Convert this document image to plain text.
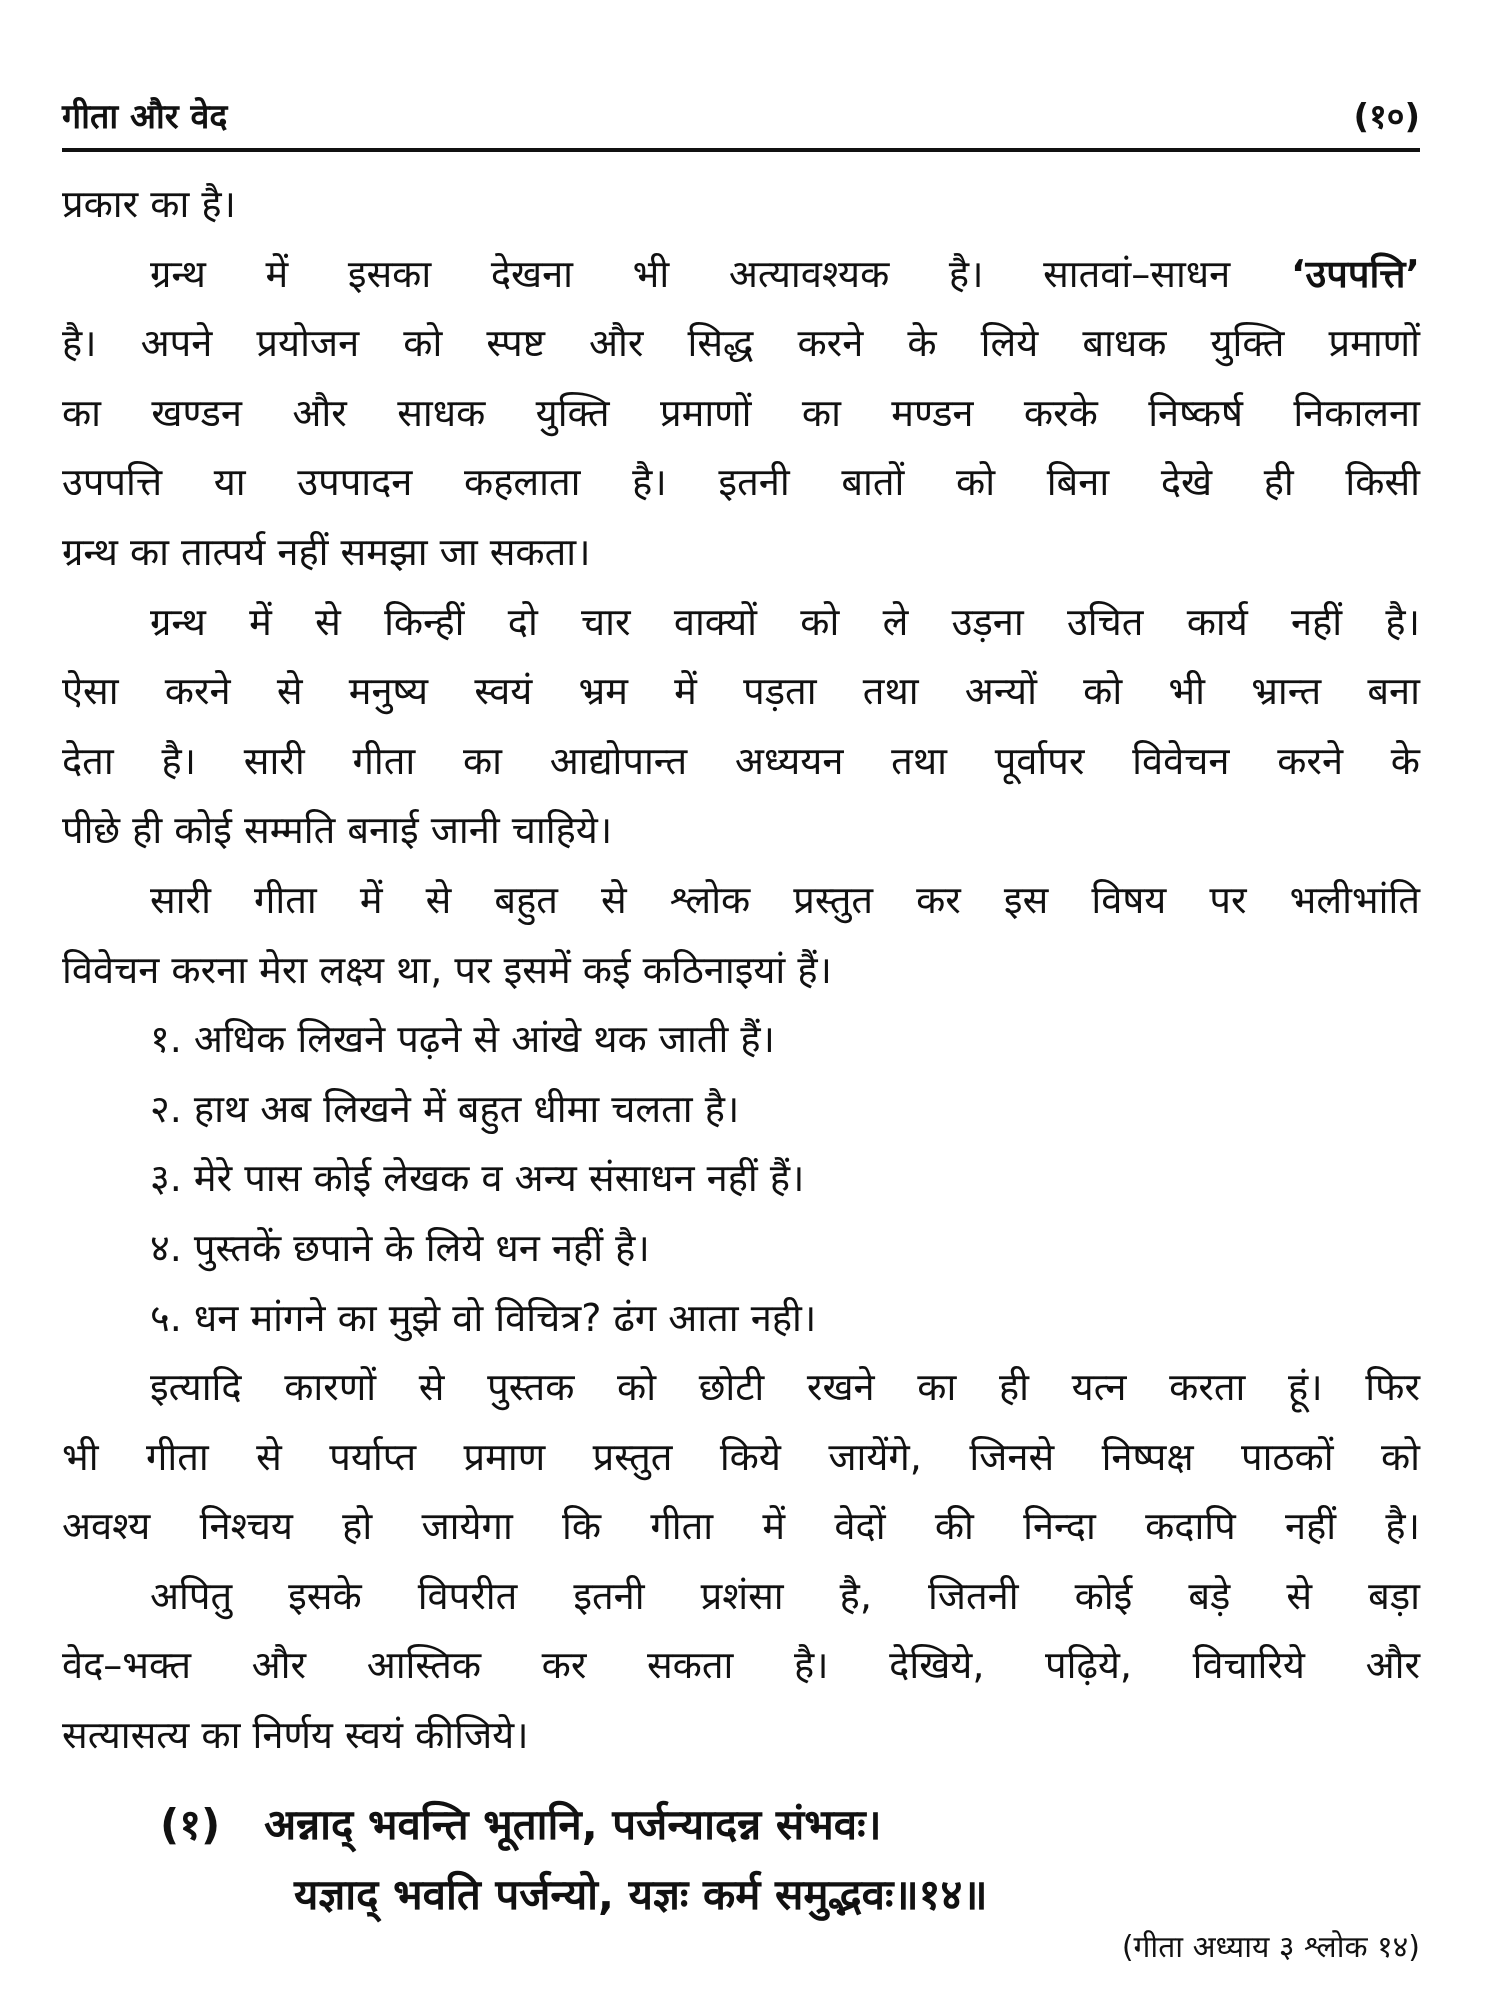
गीता और वेद	(१०)
प्रकार का है।
ग्रन्थ में इसका देखना भी अत्यावश्यक है। सातवां–साधन ‘उपपत्ति’
है। अपने प्रयोजन को स्पष्ट और सिद्ध करने के लिये बाधक युक्ति प्रमाणों
का खण्डन और साधक युक्ति प्रमाणों का मण्डन करके निष्कर्ष निकालना
उपपत्ति या उपपादन कहलाता है। इतनी बातों को बिना देखे ही किसी
ग्रन्थ का तात्पर्य नहीं समझा जा सकता।
ग्रन्थ में से किन्हीं दो चार वाक्यों को ले उड़ना उचित कार्य नहीं है।
ऐसा करने से मनुष्य स्वयं भ्रम में पड़ता तथा अन्यों को भी भ्रान्त बना
देता है। सारी गीता का आद्योपान्त अध्ययन तथा पूर्वापर विवेचन करने के
पीछे ही कोई सम्मति बनाई जानी चाहिये।
सारी गीता में से बहुत से श्लोक प्रस्तुत कर इस विषय पर भलीभांति
विवेचन करना मेरा लक्ष्य था, पर इसमें कई कठिनाइयां हैं।
१. अधिक लिखने पढ़ने से आंखे थक जाती हैं।
२. हाथ अब लिखने में बहुत धीमा चलता है।
३. मेरे पास कोई लेखक व अन्य संसाधन नहीं हैं।
४. पुस्तकें छपाने के लिये धन नहीं है।
५. धन मांगने का मुझे वो विचित्र? ढंग आता नही।
इत्यादि कारणों से पुस्तक को छोटी रखने का ही यत्न करता हूं। फिर
भी गीता से पर्याप्त प्रमाण प्रस्तुत किये जायेंगे, जिनसे निष्पक्ष पाठकों को
अवश्य निश्चय हो जायेगा कि गीता में वेदों की निन्दा कदापि नहीं है।
अपितु इसके विपरीत इतनी प्रशंसा है, जितनी कोई बड़े से बड़ा
वेद–भक्त और आस्तिक कर सकता है। देखिये, पढ़िये, विचारिये और
सत्यासत्य का निर्णय स्वयं कीजिये।
(१) अन्नाद् भवन्ति भूतानि, पर्जन्यादन्न संभवः।
यज्ञाद् भवति पर्जन्यो, यज्ञः कर्म समुद्भवः॥१४॥
(गीता अध्याय ३ श्लोक १४)
